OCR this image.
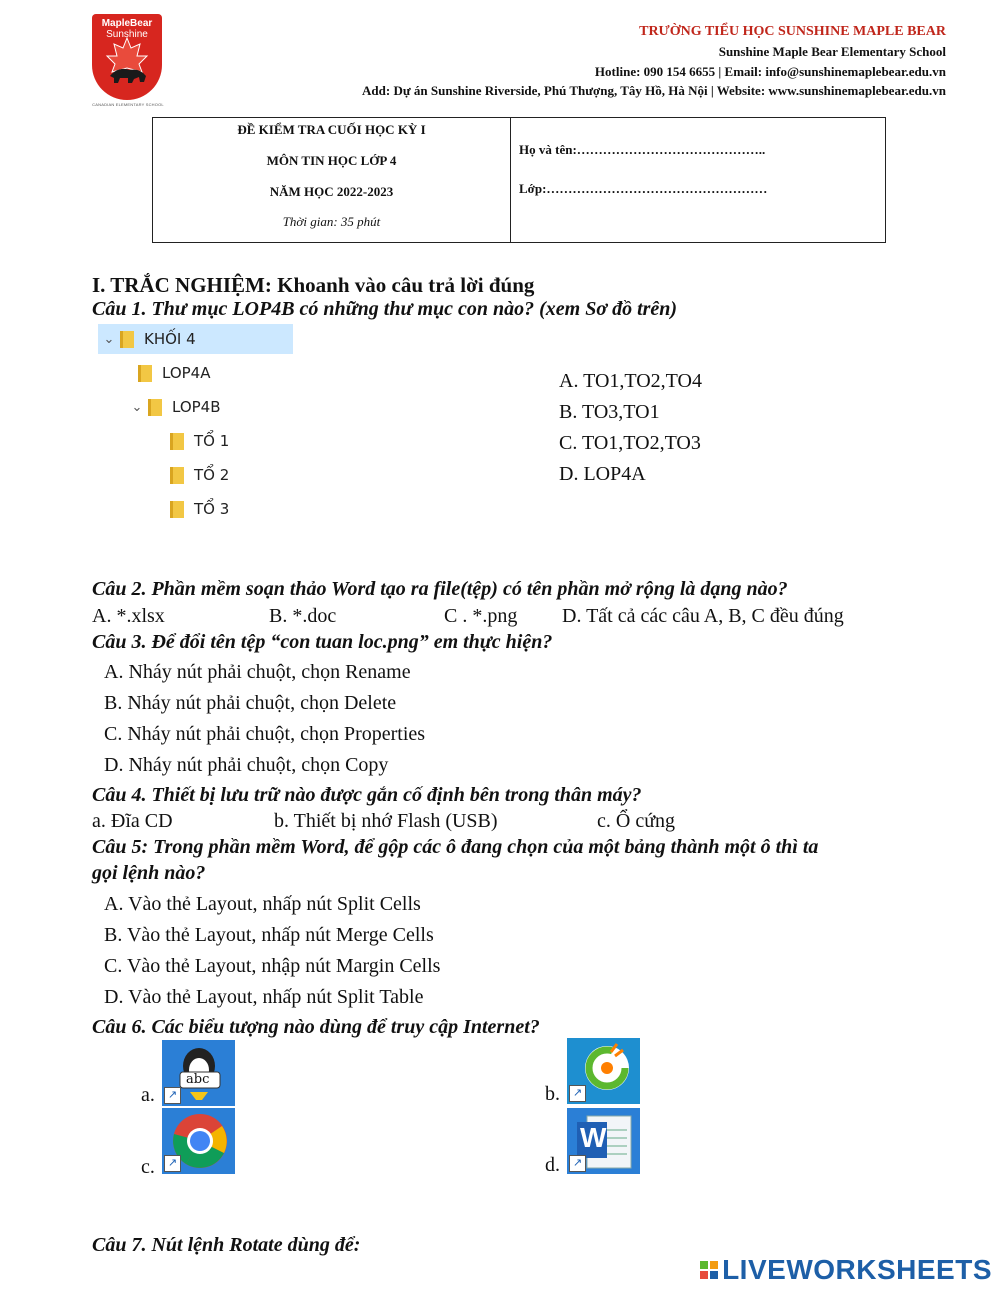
MapleBear
Sunshine
CANADIAN ELEMENTARY SCHOOL
TRƯỜNG TIỂU HỌC SUNSHINE MAPLE BEAR
Sunshine Maple Bear Elementary School
Hotline: 090 154 6655 | Email: info@sunshinemaplebear.edu.vn
Add: Dự án Sunshine Riverside, Phú Thượng, Tây Hồ, Hà Nội | Website: www.sunshinemaplebear.edu.vn
ĐỀ KIỂM TRA CUỐI HỌC KỲ I
MÔN TIN HỌC LỚP 4
NĂM HỌC 2022-2023
Thời gian: 35 phút
Họ và tên:……………………………………..
Lớp:……………………………………………
I. TRẮC NGHIỆM: Khoanh vào câu trả lời đúng
Câu 1. Thư mục LOP4B có những thư mục con nào? (xem Sơ đồ trên)
⌄	KHỐI 4
LOP4A
⌄	LOP4B
TỔ 1
TỔ 2
TỔ 3
A. TO1,TO2,TO4
B. TO3,TO1
C. TO1,TO2,TO3
D. LOP4A
Câu 2. Phần mềm soạn thảo Word tạo ra file(tệp) có tên phần mở rộng là dạng nào?
A. *.xlsx	B. *.doc	C . *.png D. Tất cả các câu A, B, C đều đúng
Câu 3. Để đổi tên tệp “con tuan loc.png” em thực hiện?
A. Nháy nút phải chuột, chọn Rename
B. Nháy nút phải chuột, chọn Delete
C. Nháy nút phải chuột, chọn Properties
D. Nháy nút phải chuột, chọn Copy
Câu 4. Thiết bị lưu trữ nào được gắn cố định bên trong thân máy?
a. Đĩa CD	b. Thiết bị nhớ Flash (USB)	c. Ổ cứng
Câu 5: Trong phần mềm Word, để gộp các ô đang chọn của một bảng thành một ô thì ta
gọi lệnh nào?
A. Vào thẻ Layout, nhấp nút Split Cells
B. Vào thẻ Layout, nhấp nút Merge Cells
C. Vào thẻ Layout, nhập nút Margin Cells
D. Vào thẻ Layout, nhấp nút Split Table
Câu 6. Các biểu tượng nào dùng để truy cập Internet?
a.
abc
↗	b.	↗
c.	↗	d.
W
↗
Câu 7. Nút lệnh Rotate dùng để:
LIVEWORKSHEETS
